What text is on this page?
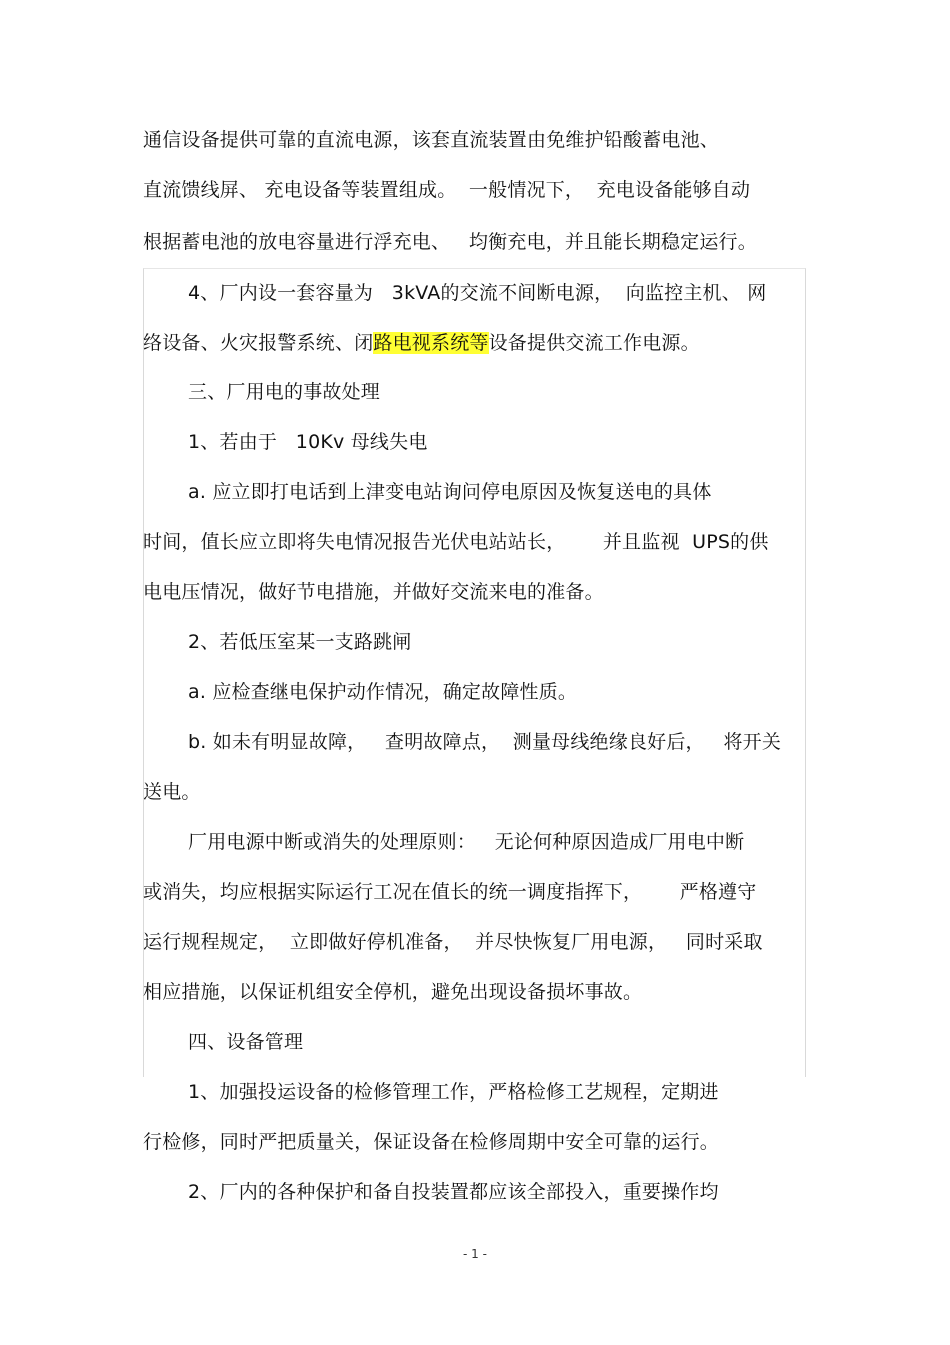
通信设备提供可靠的直流电源，该套直流装置由免维护铅酸蓄电池、
直流馈线屏、 充电设备等装置组成。  一般情况下，  充电设备能够自动
根据蓄电池的放电容量进行浮充电、   均衡充电，并且能长期稳定运行。
4、厂内设一套容量为   3kVA的交流不间断电源，  向监控主机、 网
络设备、火灾报警系统、闭路电视系统等设备提供交流工作电源。
三、厂用电的事故处理
1、若由于   10Kv 母线失电
a. 应立即打电话到上津变电站询问停电原因及恢复送电的具体
时间，值长应立即将失电情况报告光伏电站站长，      并且监视  UPS的供
电电压情况，做好节电措施，并做好交流来电的准备。
2、若低压室某一支路跳闸
a. 应检查继电保护动作情况，确定故障性质。
b. 如未有明显故障，   查明故障点，  测量母线绝缘良好后，   将开关
送电。
厂用电源中断或消失的处理原则：   无论何种原因造成厂用电中断
或消失，均应根据实际运行工况在值长的统一调度指挥下，      严格遵守
运行规程规定，  立即做好停机准备，  并尽快恢复厂用电源，   同时采取
相应措施，以保证机组安全停机，避免出现设备损坏事故。
四、设备管理
1、加强投运设备的检修管理工作，严格检修工艺规程，定期进
行检修，同时严把质量关，保证设备在检修周期中安全可靠的运行。
2、厂内的各种保护和备自投装置都应该全部投入，重要操作均
- 1 -
